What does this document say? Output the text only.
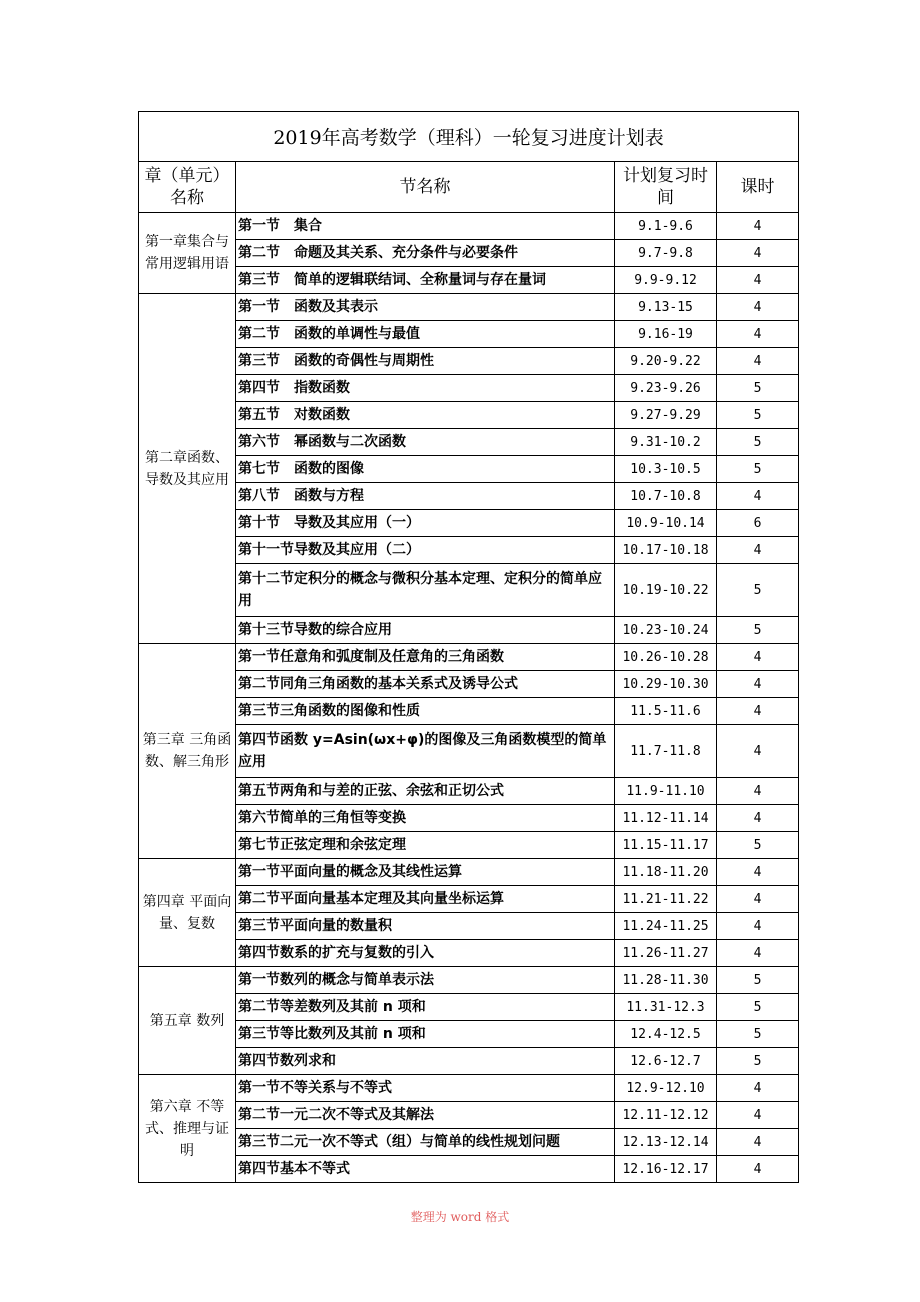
2019年高考数学（理科）一轮复习进度计划表			
章（单元）名称	节名称	计划复习时间	课时
第一章集合与常用逻辑用语	第一节　集合	9.1-9.6	4
	第二节　命题及其关系、充分条件与必要条件	9.7-9.8	4
	第三节　简单的逻辑联结词、全称量词与存在量词	9.9-9.12	4
第二章函数、导数及其应用	第一节　函数及其表示	9.13-15	4
	第二节　函数的单调性与最值	9.16-19	4
	第三节　函数的奇偶性与周期性	9.20-9.22	4
	第四节　指数函数	9.23-9.26	5
	第五节　对数函数	9.27-9.29	5
	第六节　幂函数与二次函数	9.31-10.2	5
	第七节　函数的图像	10.3-10.5	5
	第八节　函数与方程	10.7-10.8	4
	第十节　导数及其应用（一）	10.9-10.14	6
	第十一节导数及其应用（二）	10.17-10.18	4
	第十二节定积分的概念与微积分基本定理、定积分的简单应用	10.19-10.22	5
	第十三节导数的综合应用	10.23-10.24	5
第三章 三角函数、解三角形	第一节任意角和弧度制及任意角的三角函数	10.26-10.28	4
	第二节同角三角函数的基本关系式及诱导公式	10.29-10.30	4
	第三节三角函数的图像和性质	11.5-11.6	4
	第四节函数 y=Asin(ωx+φ)的图像及三角函数模型的简单应用	11.7-11.8	4
	第五节两角和与差的正弦、余弦和正切公式	11.9-11.10	4
	第六节简单的三角恒等变换	11.12-11.14	4
	第七节正弦定理和余弦定理	11.15-11.17	5
第四章 平面向量、复数	第一节平面向量的概念及其线性运算	11.18-11.20	4
	第二节平面向量基本定理及其向量坐标运算	11.21-11.22	4
	第三节平面向量的数量积	11.24-11.25	4
	第四节数系的扩充与复数的引入	11.26-11.27	4
第五章 数列	第一节数列的概念与简单表示法	11.28-11.30	5
	第二节等差数列及其前 n 项和	11.31-12.3	5
	第三节等比数列及其前 n 项和	12.4-12.5	5
	第四节数列求和	12.6-12.7	5
第六章 不等式、推理与证明	第一节不等关系与不等式	12.9-12.10	4
	第二节一元二次不等式及其解法	12.11-12.12	4
	第三节二元一次不等式（组）与简单的线性规划问题	12.13-12.14	4
	第四节基本不等式	12.16-12.17	4
整理为 word 格式
